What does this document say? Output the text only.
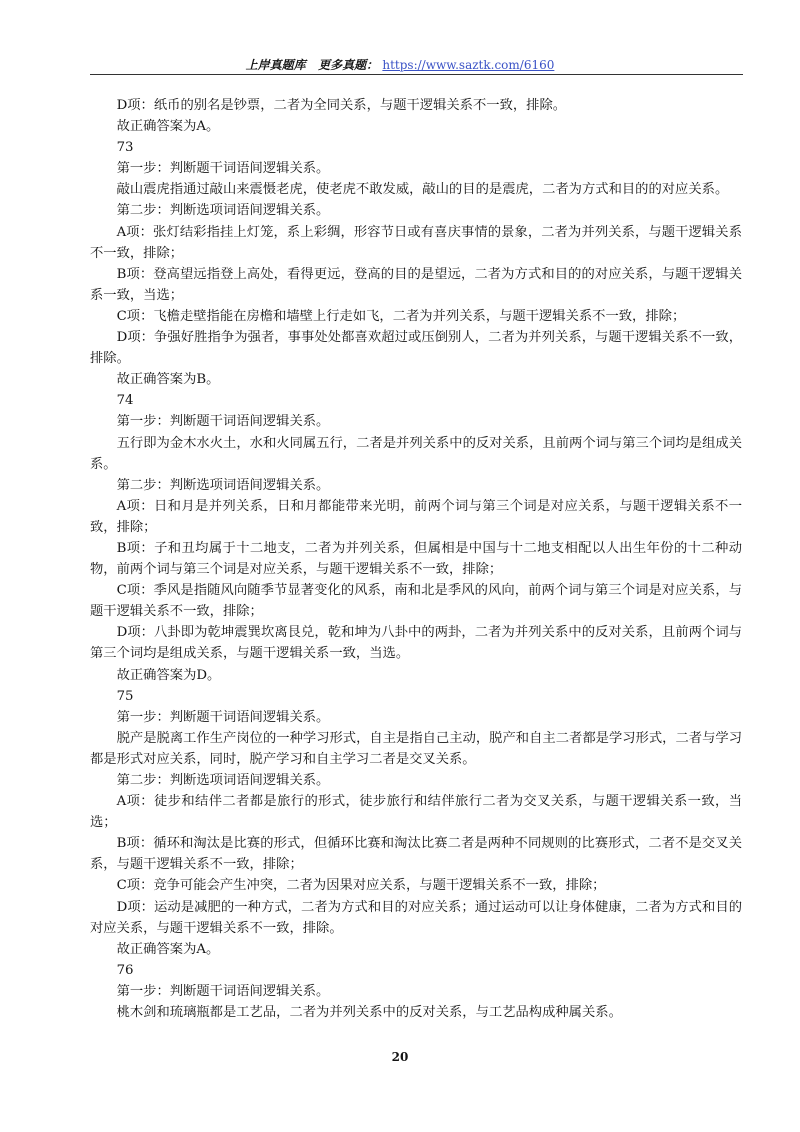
上岸真题库 更多真题： https://www.saztk.com/6160

D项：纸币的别名是钞票，二者为全同关系，与题干逻辑关系不一致，排除。

故正确答案为A。

73

第一步：判断题干词语间逻辑关系。

敲山震虎指通过敲山来震慑老虎，使老虎不敢发威，敲山的目的是震虎，二者为方式和目的的对应关系。

第二步：判断选项词语间逻辑关系。

A项：张灯结彩指挂上灯笼，系上彩绸，形容节日或有喜庆事情的景象，二者为并列关系，与题干逻辑关系不一致，排除；

B项：登高望远指登上高处，看得更远，登高的目的是望远，二者为方式和目的的对应关系，与题干逻辑关系一致，当选；

C项：飞檐走壁指能在房檐和墙壁上行走如飞，二者为并列关系，与题干逻辑关系不一致，排除；

D项：争强好胜指争为强者，事事处处都喜欢超过或压倒别人，二者为并列关系，与题干逻辑关系不一致，排除。

故正确答案为B。

74

第一步：判断题干词语间逻辑关系。

五行即为金木水火土，水和火同属五行，二者是并列关系中的反对关系，且前两个词与第三个词均是组成关系。

第二步：判断选项词语间逻辑关系。

A项：日和月是并列关系，日和月都能带来光明，前两个词与第三个词是对应关系，与题干逻辑关系不一致，排除；

B项：子和丑均属于十二地支，二者为并列关系，但属相是中国与十二地支相配以人出生年份的十二种动物，前两个词与第三个词是对应关系，与题干逻辑关系不一致，排除；

C项：季风是指随风向随季节显著变化的风系，南和北是季风的风向，前两个词与第三个词是对应关系，与题干逻辑关系不一致，排除；

D项：八卦即为乾坤震巽坎离艮兑，乾和坤为八卦中的两卦，二者为并列关系中的反对关系，且前两个词与第三个词均是组成关系，与题干逻辑关系一致，当选。

故正确答案为D。

75

第一步：判断题干词语间逻辑关系。

脱产是脱离工作生产岗位的一种学习形式，自主是指自己主动，脱产和自主二者都是学习形式，二者与学习都是形式对应关系，同时，脱产学习和自主学习二者是交叉关系。

第二步：判断选项词语间逻辑关系。

A项：徒步和结伴二者都是旅行的形式，徒步旅行和结伴旅行二者为交叉关系，与题干逻辑关系一致，当选；

B项：循环和淘汰是比赛的形式，但循环比赛和淘汰比赛二者是两种不同规则的比赛形式，二者不是交叉关系，与题干逻辑关系不一致，排除；

C项：竞争可能会产生冲突，二者为因果对应关系，与题干逻辑关系不一致，排除；

D项：运动是减肥的一种方式，二者为方式和目的对应关系；通过运动可以让身体健康，二者为方式和目的对应关系，与题干逻辑关系不一致，排除。

故正确答案为A。

76

第一步：判断题干词语间逻辑关系。

桃木剑和琉璃瓶都是工艺品，二者为并列关系中的反对关系，与工艺品构成种属关系。

20
